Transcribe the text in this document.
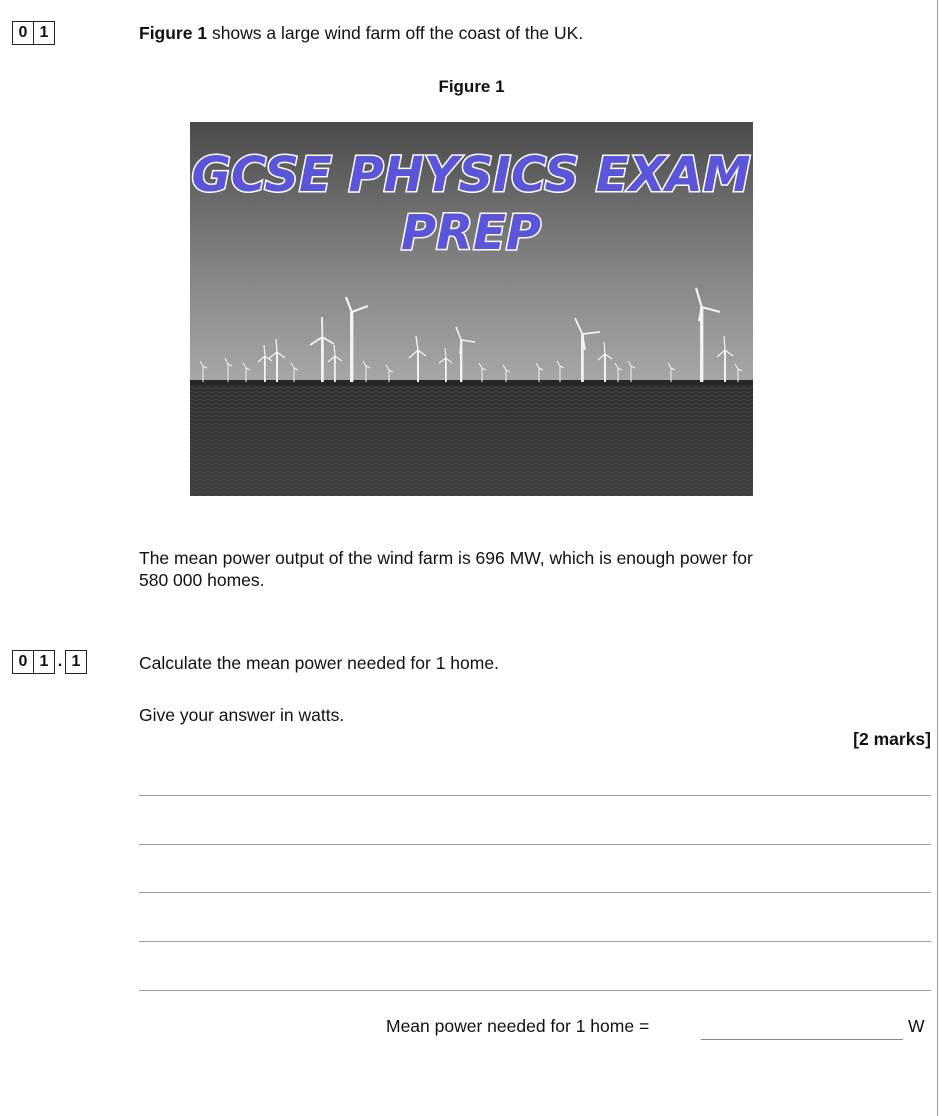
0 1	Figure 1 shows a large wind farm off the coast of the UK.
Figure 1
GCSE PHYSICS EXAM
PREP
The mean power output of the wind farm is 696 MW, which is enough power for
580 000 homes.
0 1 . 1	Calculate the mean power needed for 1 home.
Give your answer in watts.
[2 marks]
Mean power needed for 1 home =	W
